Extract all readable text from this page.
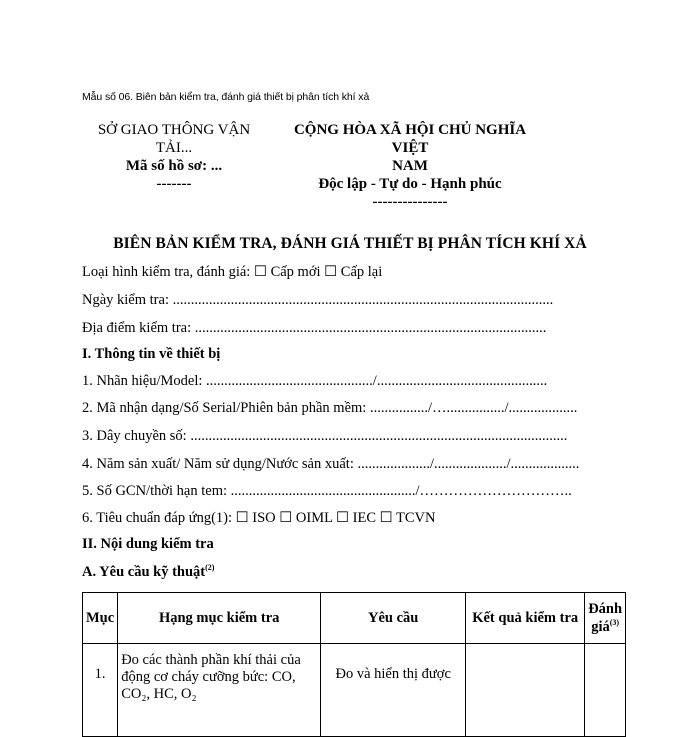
Mẫu số 06. Biên bản kiểm tra, đánh giá thiết bị phân tích khí xả
SỞ GIAO THÔNG VẬN
TẢI...
Mã số hồ sơ: ...
-------
CỘNG HÒA XÃ HỘI CHỦ NGHĨA VIỆT
NAM
Độc lập - Tự do - Hạnh phúc
---------------
BIÊN BẢN KIỂM TRA, ĐÁNH GIÁ THIẾT BỊ PHÂN TÍCH KHÍ XẢ
Loại hình kiểm tra, đánh giá: ☐ Cấp mới ☐ Cấp lại
Ngày kiểm tra: .........................................................................................................
Địa điểm kiểm tra: .................................................................................................
I. Thông tin về thiết bị
1. Nhãn hiệu/Model: ............................................../...............................................
2. Mã nhận dạng/Số Serial/Phiên bản phần mềm: ................/…................/...................
3. Dây chuyền số: ........................................................................................................
4. Năm sản xuất/ Năm sử dụng/Nước sản xuất: ..................../..................../...................
5. Số GCN/thời hạn tem: .................................................../…………………………..
6. Tiêu chuẩn đáp ứng(1): ☐ ISO ☐ OIML ☐ IEC ☐ TCVN
II. Nội dung kiểm tra
A. Yêu cầu kỹ thuật$^{(2)}$
Mục	Hạng mục kiểm tra	Yêu cầu	Kết quả kiểm tra	Đánh giá$^{(3)}$
1.	Đo các thành phần khí thải của
động cơ cháy cưỡng bức: CO,
CO₂, HC, O₂	Đo và hiển thị được		
